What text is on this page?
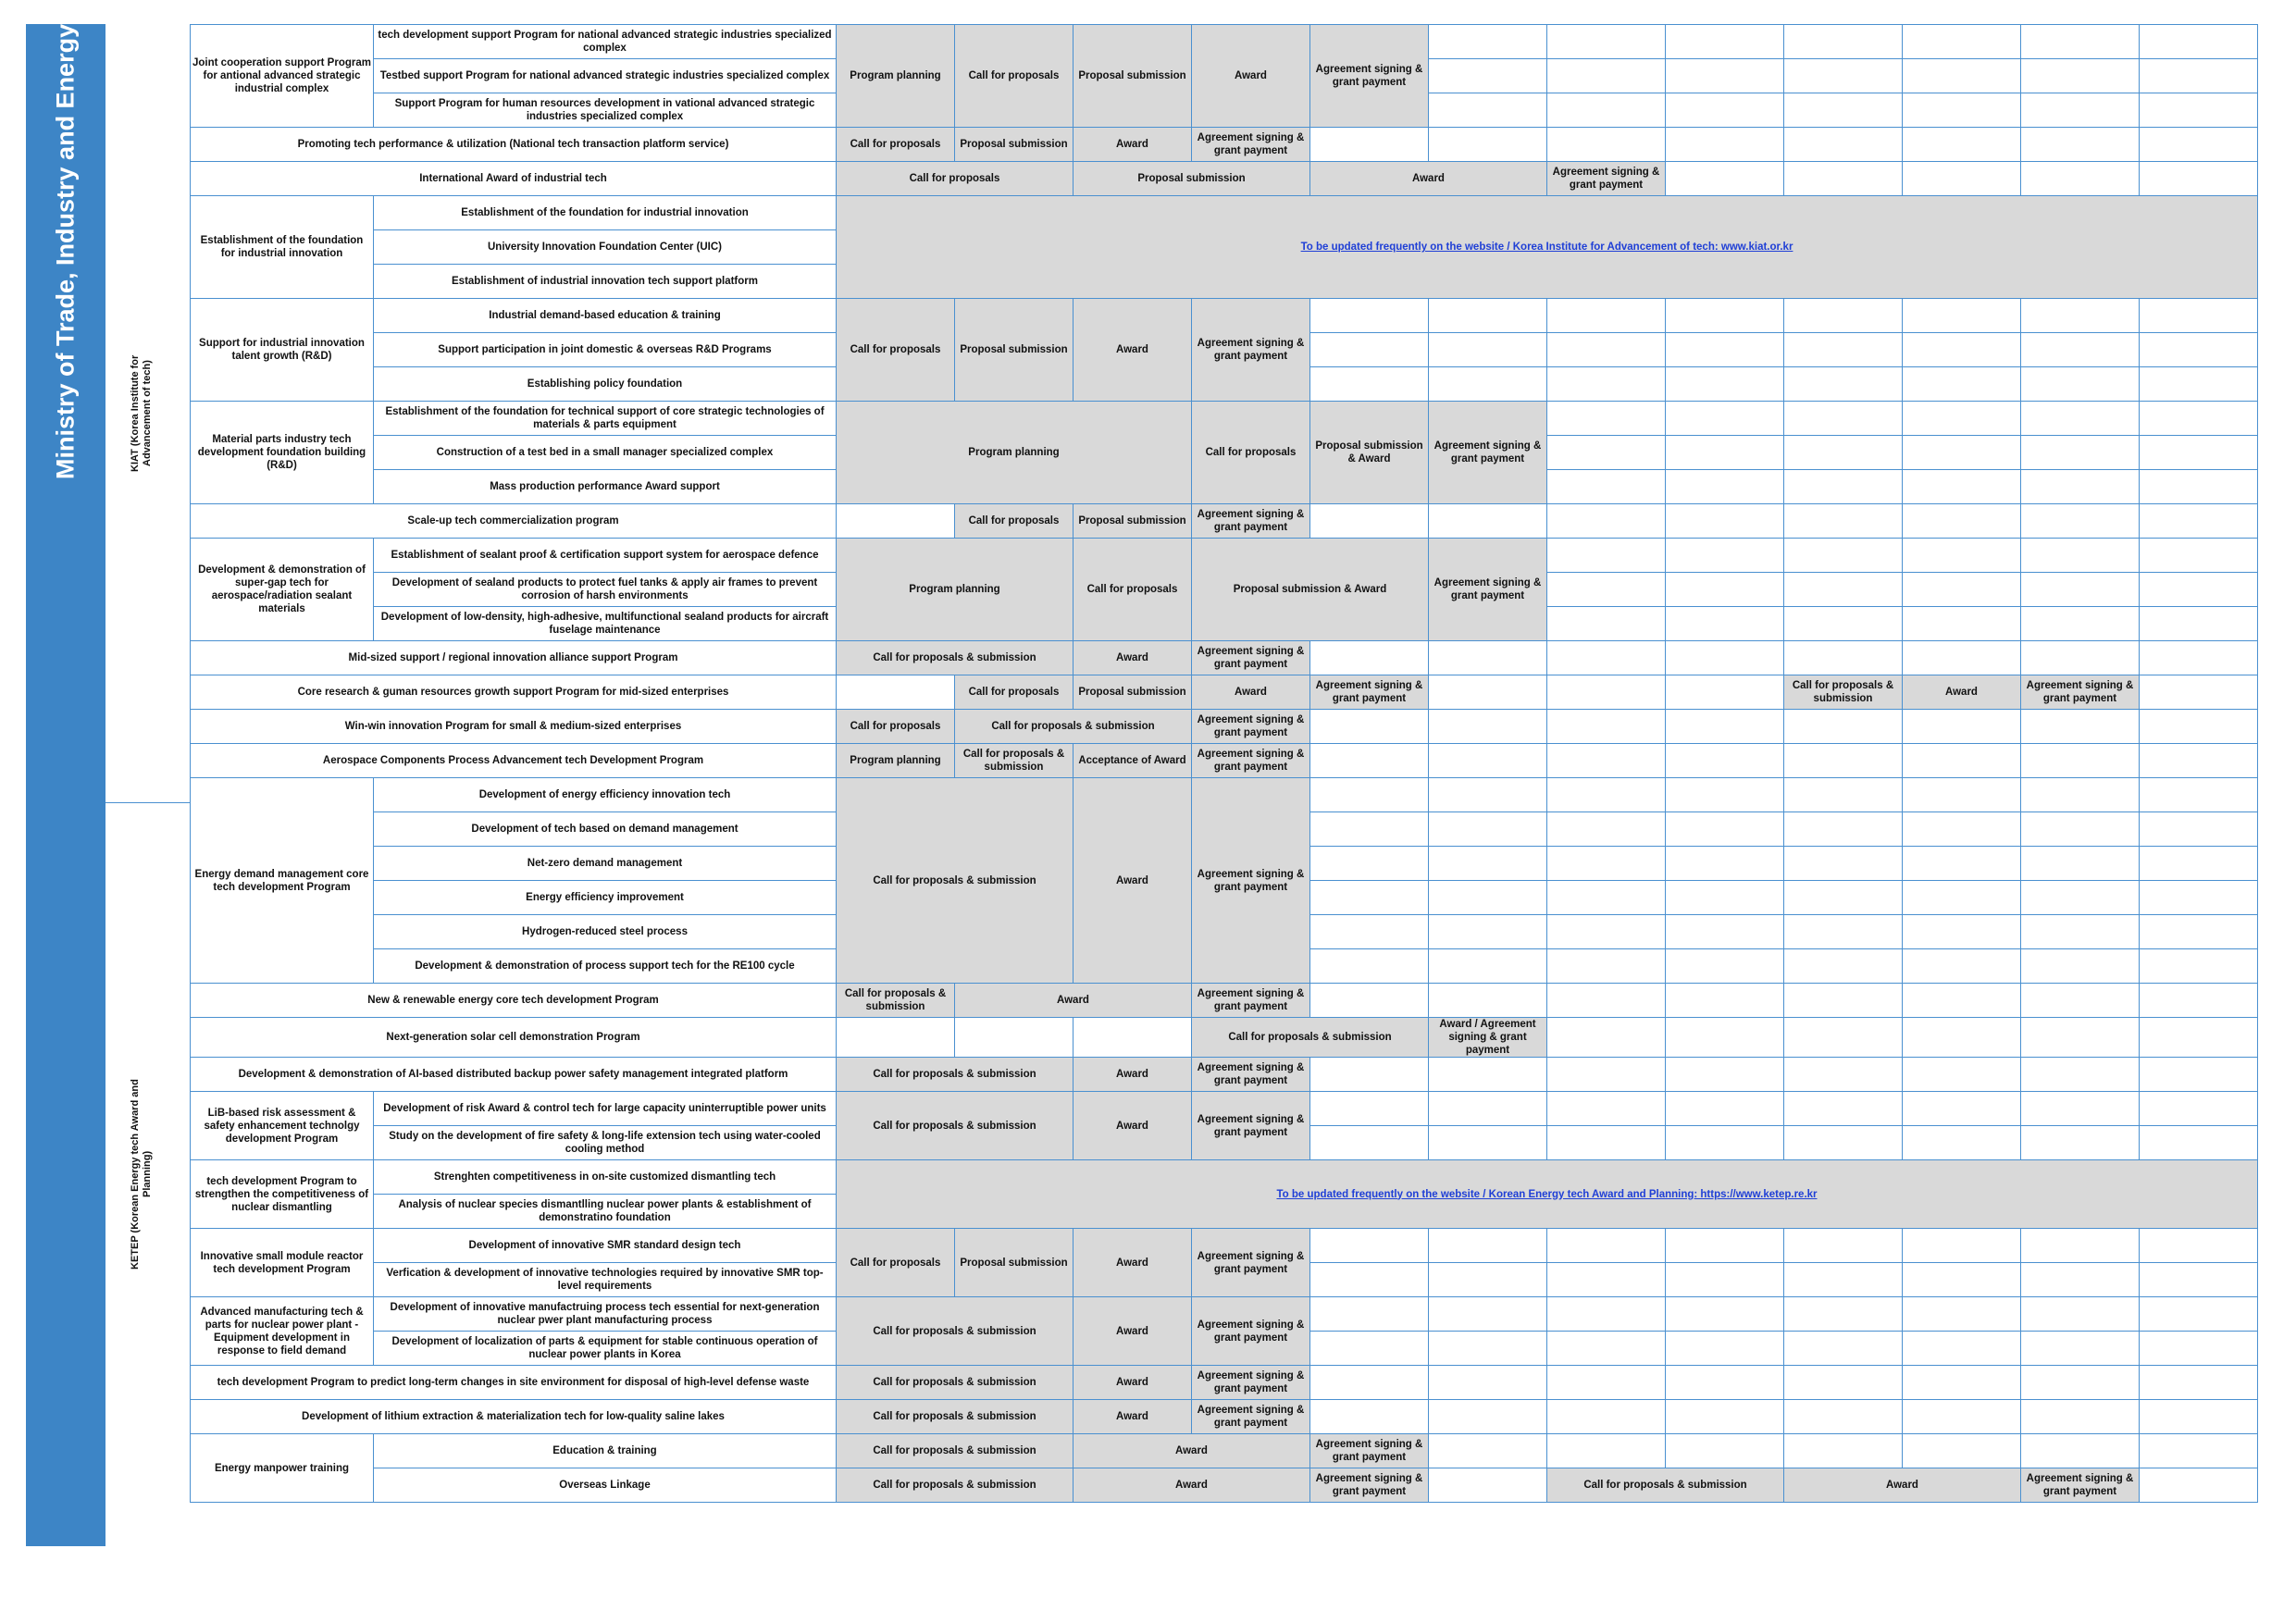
Ministry of Trade, Industry and Energy	KIAT (Korea Institute for Advancement of tech)
KETEP (Korean Energy tech Award and Planning)
Joint cooperation support Program for antional advanced strategic industrial complex	tech development support Program for national advanced strategic industries specialized complex	Program planning	Call for proposals	Proposal submission	Award	Agreement signing & grant payment							
	Testbed support Program for national advanced strategic industries specialized complex												
	Support Program for human resources development in vational advanced strategic industries specialized complex												
Promoting tech performance & utilization (National tech transaction platform service)		Call for proposals	Proposal submission	Award	Agreement signing & grant payment								
International Award of industrial tech		Call for proposals		Proposal submission		Award		Agreement signing & grant payment					
Establishment of the foundation for industrial innovation	Establishment of the foundation for industrial innovation	To be updated frequently on the website / Korea Institute for Advancement of tech: www.kiat.or.kr											
	University Innovation Foundation Center (UIC)												
	Establishment of industrial innovation tech support platform												
Support for industrial innovation talent growth (R&D)	Industrial demand-based education & training	Call for proposals	Proposal submission	Award	Agreement signing & grant payment								
	Support participation in joint domestic & overseas R&D Programs												
	Establishing policy foundation												
Material parts industry tech development foundation building (R&D)	Establishment of the foundation for technical support of core strategic technologies of materials & parts equipment	Program planning			Call for proposals	Proposal submission & Award	Agreement signing & grant payment						
	Construction of a test bed in a small manager specialized complex												
	Mass production performance Award support												
Scale-up tech commercialization program			Call for proposals	Proposal submission	Agreement signing & grant payment								
Development & demonstration of super-gap tech for aerospace/radiation sealant materials	Establishment of sealant proof & certification support system for aerospace defence	Program planning		Call for proposals	Proposal submission & Award		Agreement signing & grant payment						
	Development of sealand products to protect fuel tanks & apply air frames to prevent corrosion of harsh environments												
	Development of low-density, high-adhesive, multifunctional sealand products for aircraft fuselage maintenance												
Mid-sized support / regional innovation alliance support Program		Call for proposals & submission		Award	Agreement signing & grant payment								
Core research & guman resources growth support Program for mid-sized enterprises			Call for proposals	Proposal submission	Award	Agreement signing & grant payment				Call for proposals & submission	Award	Agreement signing & grant payment	
Win-win innovation Program for small & medium-sized enterprises		Call for proposals	Call for proposals & submission		Agreement signing & grant payment								
Aerospace Components Process Advancement tech Development Program		Program planning	Call for proposals & submission	Acceptance of Award	Agreement signing & grant payment								
Energy demand management core tech development Program	Development of energy efficiency innovation tech	Call for proposals & submission		Award	Agreement signing & grant payment								
	Development of tech based on demand management												
	Net-zero demand management												
	Energy efficiency improvement												
	Hydrogen-reduced steel process												
	Development & demonstration of process support tech for the RE100 cycle												
New & renewable energy core tech development Program		Call for proposals & submission	Award		Agreement signing & grant payment								
Next-generation solar cell demonstration Program					Call for proposals & submission		Award / Agreement signing & grant payment						
Development & demonstration of AI-based distributed backup power safety management integrated platform		Call for proposals & submission		Award	Agreement signing & grant payment								
LiB-based risk assessment & safety enhancement technolgy development Program	Development of risk Award & control tech for large capacity uninterruptible power units	Call for proposals & submission		Award	Agreement signing & grant payment								
	Study on the development of fire safety & long-life extension tech using water-cooled cooling method												
tech development Program to strengthen the competitiveness of nuclear dismantling	Strenghten competitiveness in on-site customized dismantling tech	To be updated frequently on the website / Korean Energy tech Award and Planning: https://www.ketep.re.kr											
	Analysis of nuclear species dismantlling nuclear power plants & establishment of demonstratino foundation												
Innovative small module reactor tech development Program	Development of innovative SMR standard design tech	Call for proposals	Proposal submission	Award	Agreement signing & grant payment								
	Verfication & development of innovative technologies required by innovative SMR top-level requirements												
Advanced manufacturing tech & parts for nuclear power plant - Equipment development in response to field demand	Development of innovative manufactruing process tech essential for next-generation nuclear pwer plant manufacturing process	Call for proposals & submission		Award	Agreement signing & grant payment								
	Development of localization of parts & equipment for stable continuous operation of nuclear power plants in Korea												
tech development Program to predict long-term changes in site environment for disposal of high-level defense waste		Call for proposals & submission		Award	Agreement signing & grant payment								
Development of lithium extraction & materialization tech for low-quality saline lakes		Call for proposals & submission		Award	Agreement signing & grant payment								
Energy manpower training	Education & training	Call for proposals & submission		Award		Agreement signing & grant payment							
	Overseas Linkage	Call for proposals & submission		Award		Agreement signing & grant payment		Call for proposals & submission		Award		Agreement signing & grant payment	
